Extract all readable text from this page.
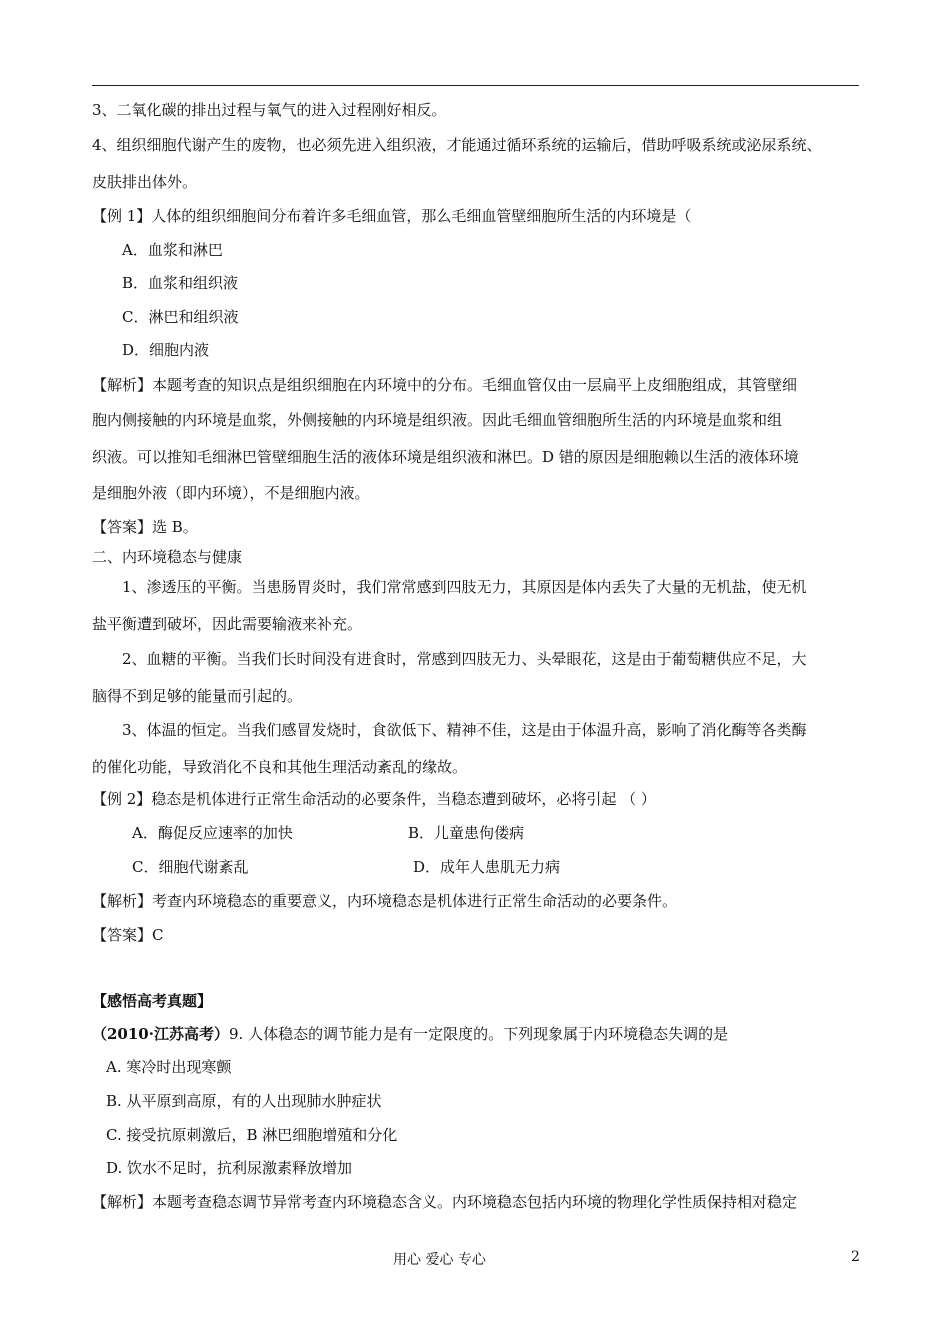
3、二氧化碳的排出过程与氧气的进入过程刚好相反。
4、组织细胞代谢产生的废物，也必须先进入组织液，才能通过循环系统的运输后，借助呼吸系统或泌尿系统、
皮肤排出体外。
【例 1】人体的组织细胞间分布着许多毛细血管，那么毛细血管壁细胞所生活的内环境是（
A．血浆和淋巴
B．血浆和组织液
C．淋巴和组织液
D．细胞内液
【解析】本题考查的知识点是组织细胞在内环境中的分布。毛细血管仅由一层扁平上皮细胞组成，其管壁细
胞内侧接触的内环境是血浆，外侧接触的内环境是组织液。因此毛细血管细胞所生活的内环境是血浆和组
织液。可以推知毛细淋巴管壁细胞生活的液体环境是组织液和淋巴。D 错的原因是细胞赖以生活的液体环境
是细胞外液（即内环境），不是细胞内液。
【答案】选 B。
二、内环境稳态与健康
1、渗透压的平衡。当患肠胃炎时，我们常常感到四肢无力，其原因是体内丢失了大量的无机盐，使无机
盐平衡遭到破坏，因此需要输液来补充。
2、血糖的平衡。当我们长时间没有进食时，常感到四肢无力、头晕眼花，这是由于葡萄糖供应不足，大
脑得不到足够的能量而引起的。
3、体温的恒定。当我们感冒发烧时，食欲低下、精神不佳，这是由于体温升高，影响了消化酶等各类酶
的催化功能，导致消化不良和其他生理活动紊乱的缘故。
【例 2】稳态是机体进行正常生命活动的必要条件，当稳态遭到破坏，必将引起 （ ）
A．酶促反应速率的加快	B．儿童患佝偻病
C．细胞代谢紊乱	D．成年人患肌无力病
【解析】考查内环境稳态的重要意义，内环境稳态是机体进行正常生命活动的必要条件。
【答案】C
【感悟高考真题】
（2010·江苏高考）9. 人体稳态的调节能力是有一定限度的。下列现象属于内环境稳态失调的是
A. 寒冷时出现寒颤
B. 从平原到高原，有的人出现肺水肿症状
C. 接受抗原刺激后，B 淋巴细胞增殖和分化
D. 饮水不足时，抗利尿激素释放增加
【解析】本题考查稳态调节异常考查内环境稳态含义。内环境稳态包括内环境的物理化学性质保持相对稳定
用心 爱心 专心	2
